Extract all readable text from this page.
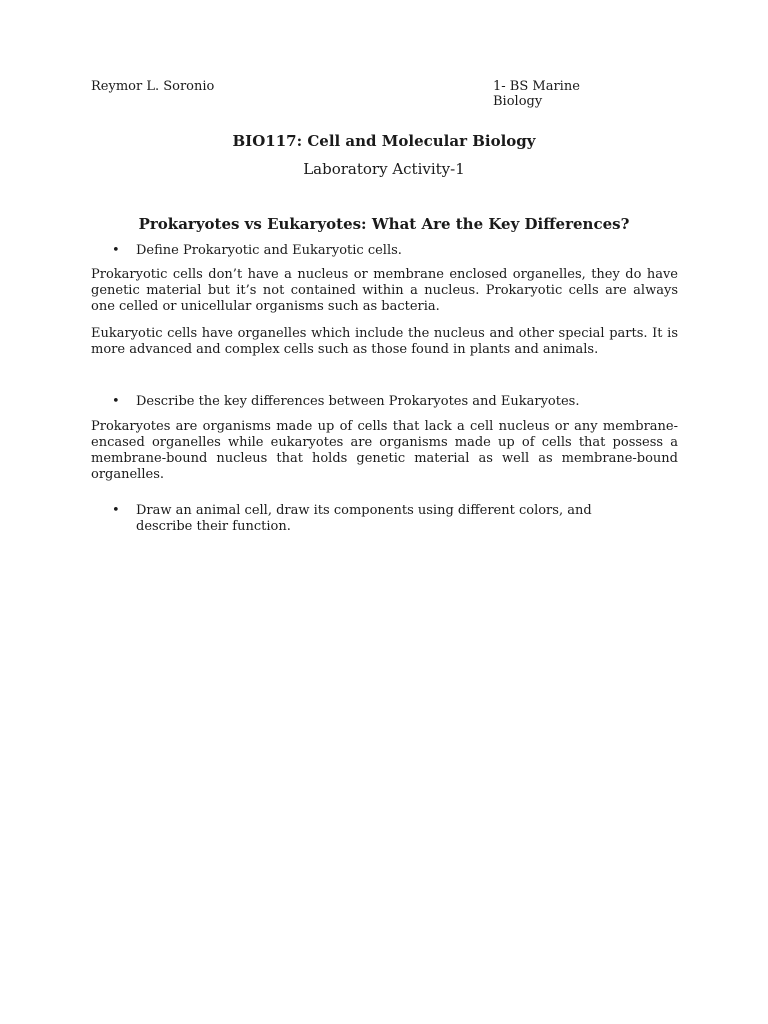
Reymor L. Soronio	1- BS Marine Biology
BIO117: Cell and Molecular Biology
Laboratory Activity-1
Prokaryotes vs Eukaryotes: What Are the Key Differences?
• Define Prokaryotic and Eukaryotic cells.
Prokaryotic cells don’t have a nucleus or membrane enclosed organelles, they do have genetic material but it’s not contained within a nucleus. Prokaryotic cells are always one celled or unicellular organisms such as bacteria.
Eukaryotic cells have organelles which include the nucleus and other special parts. It is more advanced and complex cells such as those found in plants and animals.
• Describe the key differences between Prokaryotes and Eukaryotes.
Prokaryotes are organisms made up of cells that lack a cell nucleus or any membrane-encased organelles while eukaryotes are organisms made up of cells that possess a membrane-bound nucleus that holds genetic material as well as membrane-bound organelles.
• Draw an animal cell, draw its components using different colors, and describe their function.
